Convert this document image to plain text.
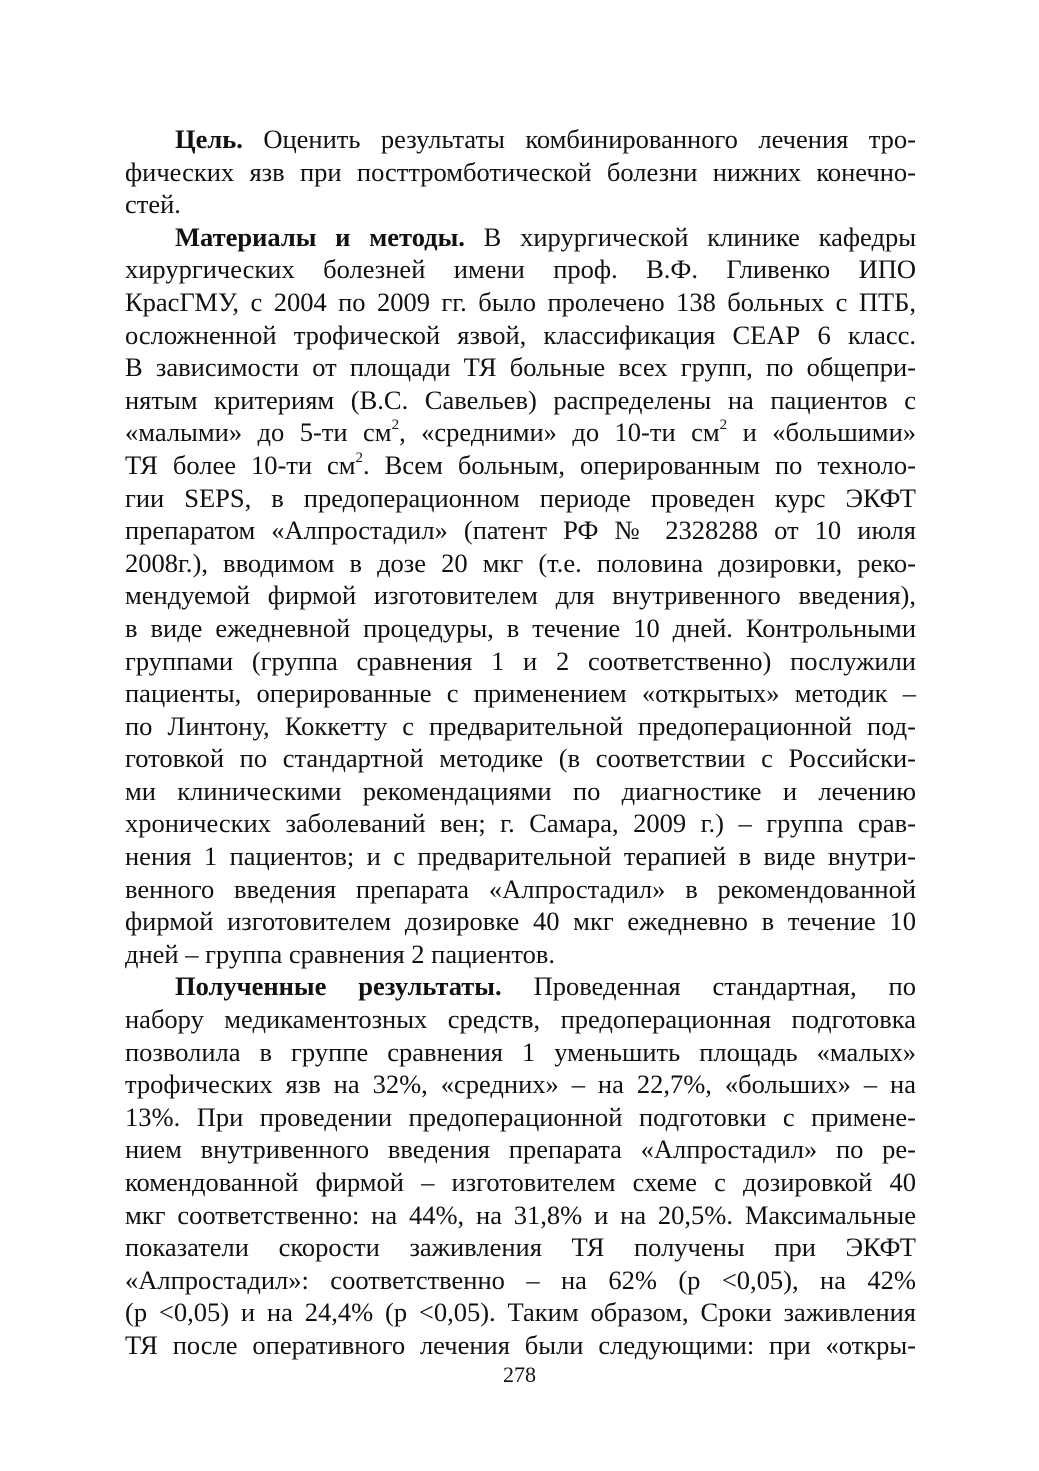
Цель. Оценить результаты комбинированного лечения тро-
фических язв при посттромботической болезни нижних конечно-
стей.
Материалы и методы. В хирургической клинике кафедры
хирургических болезней имени проф. В.Ф. Гливенко ИПО
КрасГМУ, с 2004 по 2009 гг. было пролечено 138 больных с ПТБ,
осложненной трофической язвой, классификация СЕАР 6 класс.
В зависимости от площади ТЯ больные всех групп, по общепри-
нятым критериям (В.С. Савельев) распределены на пациентов с
«малыми» до 5-ти $см^2$, «средними» до 10-ти $см^2$ и «большими»
ТЯ более 10-ти $см^2$. Всем больным, оперированным по техноло-
гии SEPS, в предоперационном периоде проведен курс ЭКФТ
препаратом «Алпростадил» (патент РФ № 2328288 от 10 июля
2008г.), вводимом в дозе 20 мкг (т.е. половина дозировки, реко-
мендуемой фирмой изготовителем для внутривенного введения),
в виде ежедневной процедуры, в течение 10 дней. Контрольными
группами (группа сравнения 1 и 2 соответственно) послужили
пациенты, оперированные с применением «открытых» методик –
по Линтону, Коккетту с предварительной предоперационной под-
готовкой по стандартной методике (в соответствии с Российски-
ми клиническими рекомендациями по диагностике и лечению
хронических заболеваний вен; г. Самара, 2009 г.) – группа срав-
нения 1 пациентов; и с предварительной терапией в виде внутри-
венного введения препарата «Алпростадил» в рекомендованной
фирмой изготовителем дозировке 40 мкг ежедневно в течение 10
дней – группа сравнения 2 пациентов.
Полученные результаты. Проведенная стандартная, по
набору медикаментозных средств, предоперационная подготовка
позволила в группе сравнения 1 уменьшить площадь «малых»
трофических язв на 32%, «средних» – на 22,7%, «больших» – на
13%. При проведении предоперационной подготовки с примене-
нием внутривенного введения препарата «Алпростадил» по ре-
комендованной фирмой – изготовителем схеме с дозировкой 40
мкг соответственно: на 44%, на 31,8% и на 20,5%. Максимальные
показатели скорости заживления ТЯ получены при ЭКФТ
«Алпростадил»: соответственно – на 62% (р <0,05), на 42%
(р <0,05) и на 24,4% (р <0,05). Таким образом, Сроки заживления
ТЯ после оперативного лечения были следующими: при «откры-
278
